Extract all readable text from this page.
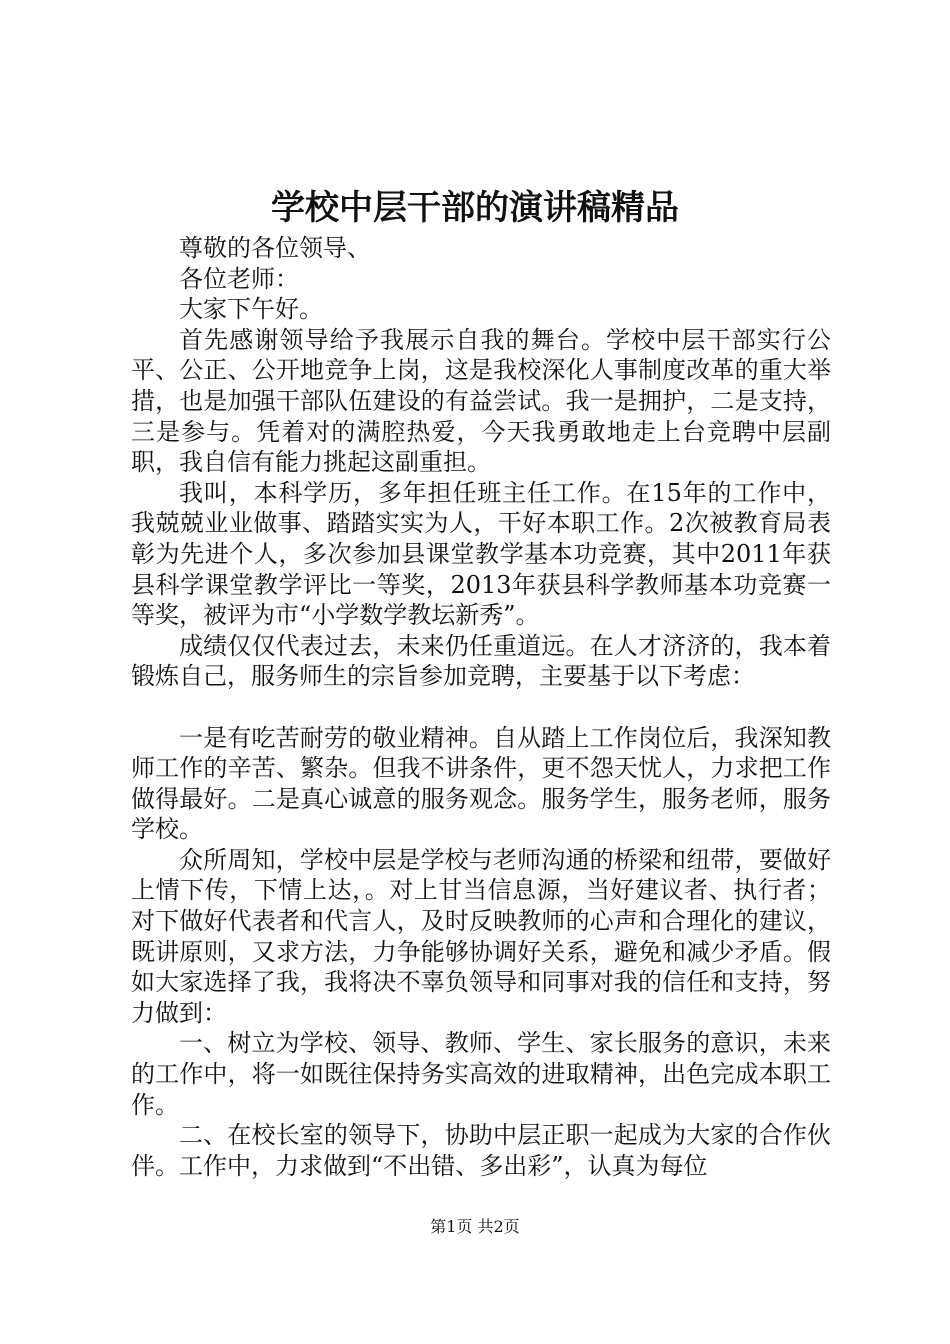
学校中层干部的演讲稿精品

尊敬的各位领导、

各位老师：

大家下午好。

首先感谢领导给予我展示自我的舞台。学校中层干部实行公平、公正、公开地竞争上岗，这是我校深化人事制度改革的重大举措，也是加强干部队伍建设的有益尝试。我一是拥护，二是支持，三是参与。凭着对的满腔热爱，今天我勇敢地走上台竞聘中层副职，我自信有能力挑起这副重担。

我叫，本科学历，多年担任班主任工作。在15年的工作中，我兢兢业业做事、踏踏实实为人，干好本职工作。2次被教育局表彰为先进个人，多次参加县课堂教学基本功竞赛，其中2011年获县科学课堂教学评比一等奖，2013年获县科学教师基本功竞赛一等奖，被评为市“小学数学教坛新秀”。

成绩仅仅代表过去，未来仍任重道远。在人才济济的，我本着锻炼自己，服务师生的宗旨参加竞聘，主要基于以下考虑：

一是有吃苦耐劳的敬业精神。自从踏上工作岗位后，我深知教师工作的辛苦、繁杂。但我不讲条件，更不怨天忧人，力求把工作做得最好。二是真心诚意的服务观念。服务学生，服务老师，服务学校。

众所周知，学校中层是学校与老师沟通的桥梁和纽带，要做好上情下传，下情上达，。对上甘当信息源，当好建议者、执行者；对下做好代表者和代言人，及时反映教师的心声和合理化的建议，既讲原则，又求方法，力争能够协调好关系，避免和减少矛盾。假如大家选择了我，我将决不辜负领导和同事对我的信任和支持，努力做到：

一、树立为学校、领导、教师、学生、家长服务的意识，未来的工作中，将一如既往保持务实高效的进取精神，出色完成本职工作。

二、在校长室的领导下，协助中层正职一起成为大家的合作伙伴。工作中，力求做到“不出错、多出彩”，认真为每位

第1页 共2页
